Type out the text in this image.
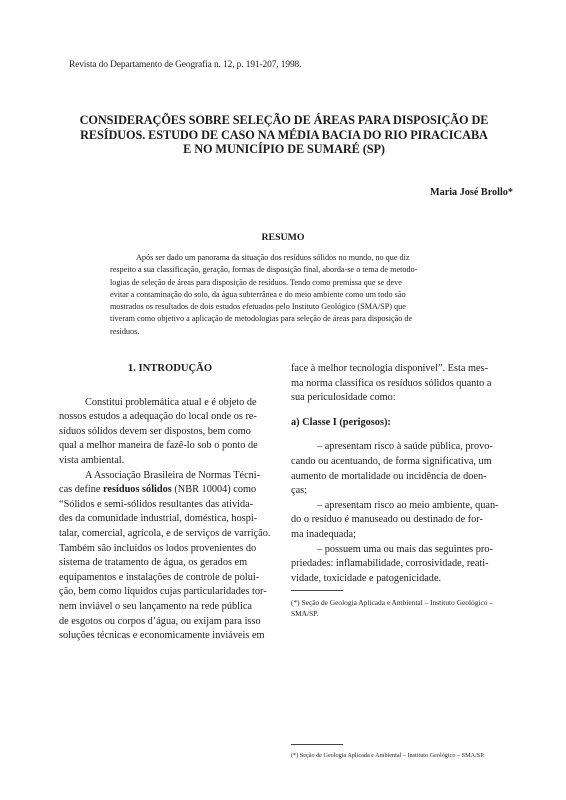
Revista do Departamento de Geografia n. 12, p. 191-207, 1998.
CONSIDERAÇÕES SOBRE SELEÇÃO DE ÁREAS PARA DISPOSIÇÃO DE
RESÍDUOS. ESTUDO DE CASO NA MÉDIA BACIA DO RIO PIRACICABA
E NO MUNICÍPIO DE SUMARÉ (SP)
Maria José Brollo*
RESUMO
Após ser dado um panorama da situação dos resíduos sólidos no mundo, no que diz
respeito a sua classificação, geração, formas de disposição final, aborda-se o tema de metodo-
logias de seleção de áreas para disposição de resíduos. Tendo como premissa que se deve
evitar a contaminação do solo, da água subterrânea e do meio ambiente como um todo são
mostrados os resultados de dois estudos efetuados pelo Instituto Geológico (SMA/SP) que
tiveram como objetivo a aplicação de metodologias para seleção de áreas para disposição de
resíduos.
1. INTRODUÇÃO
Constitui problemática atual e é objeto de
nossos estudos a adequação do local onde os re-
síduos sólidos devem ser dispostos, bem como
qual a melhor maneira de fazê-lo sob o ponto de
vista ambiental.
A Associação Brasileira de Normas Técni-
cas define resíduos sólidos (NBR 10004) como
“Sólidos e semi-sólidos resultantes das ativida-
des da comunidade industrial, doméstica, hospi-
talar, comercial, agrícola, e de serviços de varrição.
Também são incluídos os lodos provenientes do
sistema de tratamento de água, os gerados em
equipamentos e instalações de controle de polui-
ção, bem como líquidos cujas particularidades tor-
nem inviável o seu lançamento na rede pública
de esgotos ou corpos d’água, ou exijam para isso
soluções técnicas e economicamente inviáveis em
face à melhor tecnologia disponível”. Esta mes-
ma norma classifica os resíduos sólidos quanto a
sua periculosidade como:
a) Classe I (perigosos):
– apresentam risco à saúde pública, provo-
cando ou acentuando, de forma significativa, um
aumento de mortalidade ou incidência de doen-
ças;
– apresentam risco ao meio ambiente, quan-
do o resíduo é manuseado ou destinado de for-
ma inadequada;
– possuem uma ou mais das seguintes pro-
priedades: inflamabilidade, corrosividade, reati-
vidade, toxicidade e patogenicidade.
(*) Seção de Geologia Aplicada e Ambiental – Instituto Geológico –
SMA/SP.
(*) Seção de Geologia Aplicada e Ambiental – Instituto Geológico – SMA/SP.
